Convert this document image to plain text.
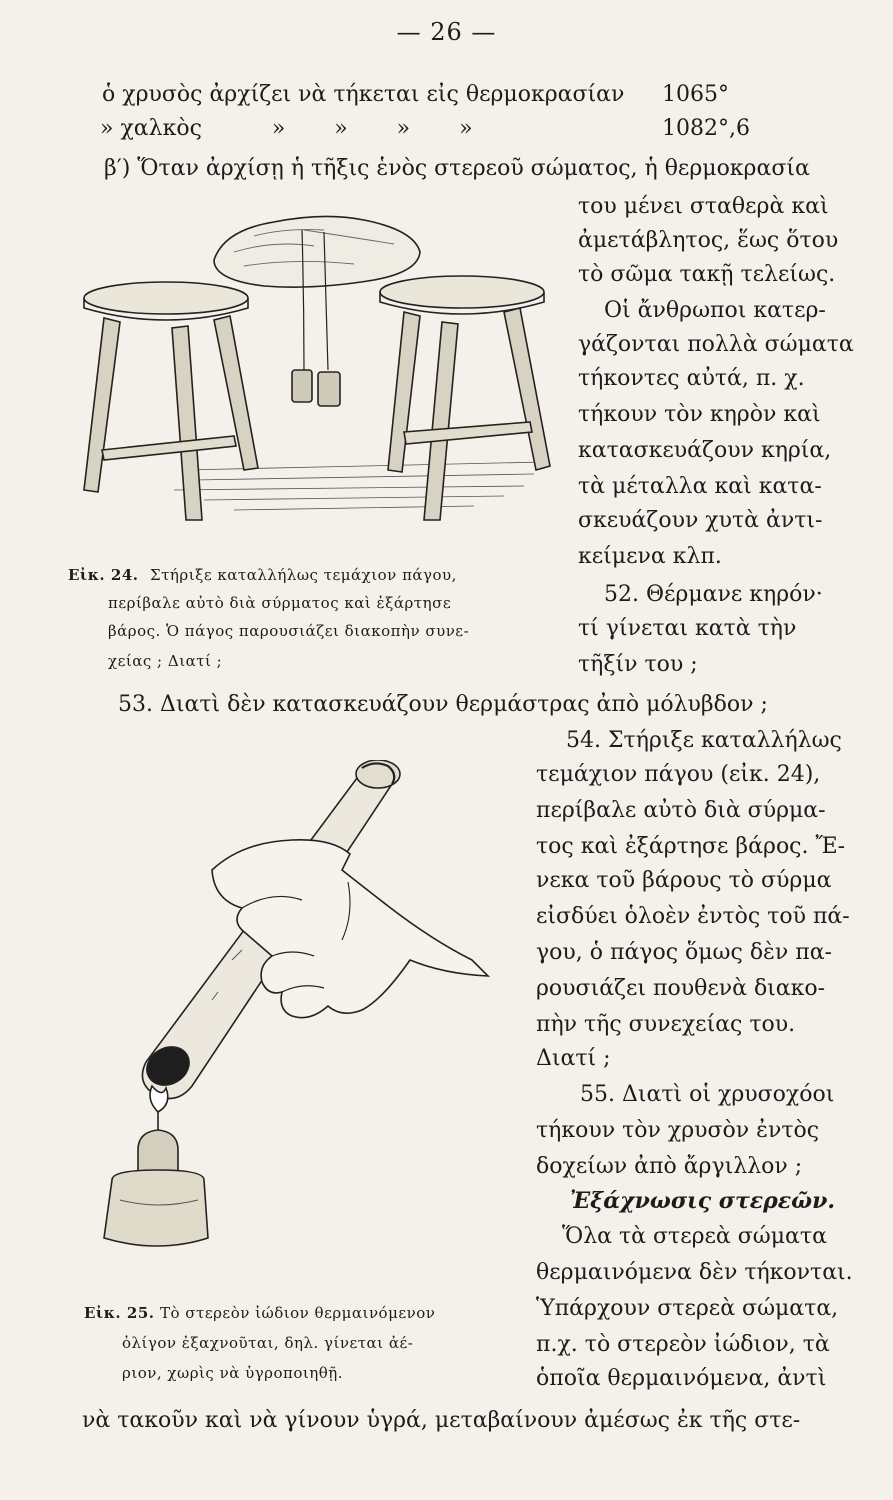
— 26 —
ὁ χρυσὸς ἀρχίζει νὰ τήκεται εἰς θερμοκρασίαν 1065°
» χαλκὸς          »       »       »       »	1082°,6
β′) Ὅταν ἀρχίσῃ ἡ τῆξις ἑνὸς στερεοῦ σώματος, ἡ θερμοκρασία
του μένει σταθερὰ καὶ
ἀμετάβλητος, ἕως ὅτου
τὸ σῶμα τακῇ τελείως.
Οἱ ἄνθρωποι κατερ-
γάζονται πολλὰ σώματα
τήκοντες αὐτά, π. χ.
τήκουν τὸν κηρὸν καὶ
κατασκευάζουν κηρία,
τὰ μέταλλα καὶ κατα-
σκευάζουν χυτὰ ἀντι-
κείμενα κλπ.
52. Θέρμανε κηρόν·
τί γίνεται κατὰ τὴν
τῆξίν του ;
Εἰκ. 24. Στήριξε καταλλήλως τεμάχιον πάγου,
περίβαλε αὐτὸ διὰ σύρματος καὶ ἐξάρτησε
βάρος. Ὁ πάγος παρουσιάζει διακοπὴν συνε-
χείας ; Διατί ;
53. Διατὶ δὲν κατασκευάζουν θερμάστρας ἀπὸ μόλυβδον ;
54. Στήριξε καταλλήλως
τεμάχιον πάγου (εἰκ. 24),
περίβαλε αὐτὸ διὰ σύρμα-
τος καὶ ἐξάρτησε βάρος. Ἔ-
νεκα τοῦ βάρους τὸ σύρμα
εἰσδύει ὁλοὲν ἐντὸς τοῦ πά-
γου, ὁ πάγος ὅμως δὲν πα-
ρουσιάζει πουθενὰ διακο-
πὴν τῆς συνεχείας του.
Διατί ;
55. Διατὶ οἱ χρυσοχόοι
τήκουν τὸν χρυσὸν ἐντὸς
δοχείων ἀπὸ ἄργιλλον ;
Ἐξάχνωσις στερεῶν.
Ὅλα τὰ στερεὰ σώματα
θερμαινόμενα δὲν τήκονται.
Ὑπάρχουν στερεὰ σώματα,
π.χ. τὸ στερεὸν ἰώδιον, τὰ
ὁποῖα θερμαινόμενα, ἀντὶ
Εἰκ. 25. Τὸ στερεὸν ἰώδιον θερμαινόμενον
ὀλίγον ἐξαχνοῦται, δηλ. γίνεται ἀέ-
ριον, χωρὶς νὰ ὑγροποιηθῇ.
νὰ τακοῦν καὶ νὰ γίνουν ὑγρά, μεταβαίνουν ἀμέσως ἐκ τῆς στε-
